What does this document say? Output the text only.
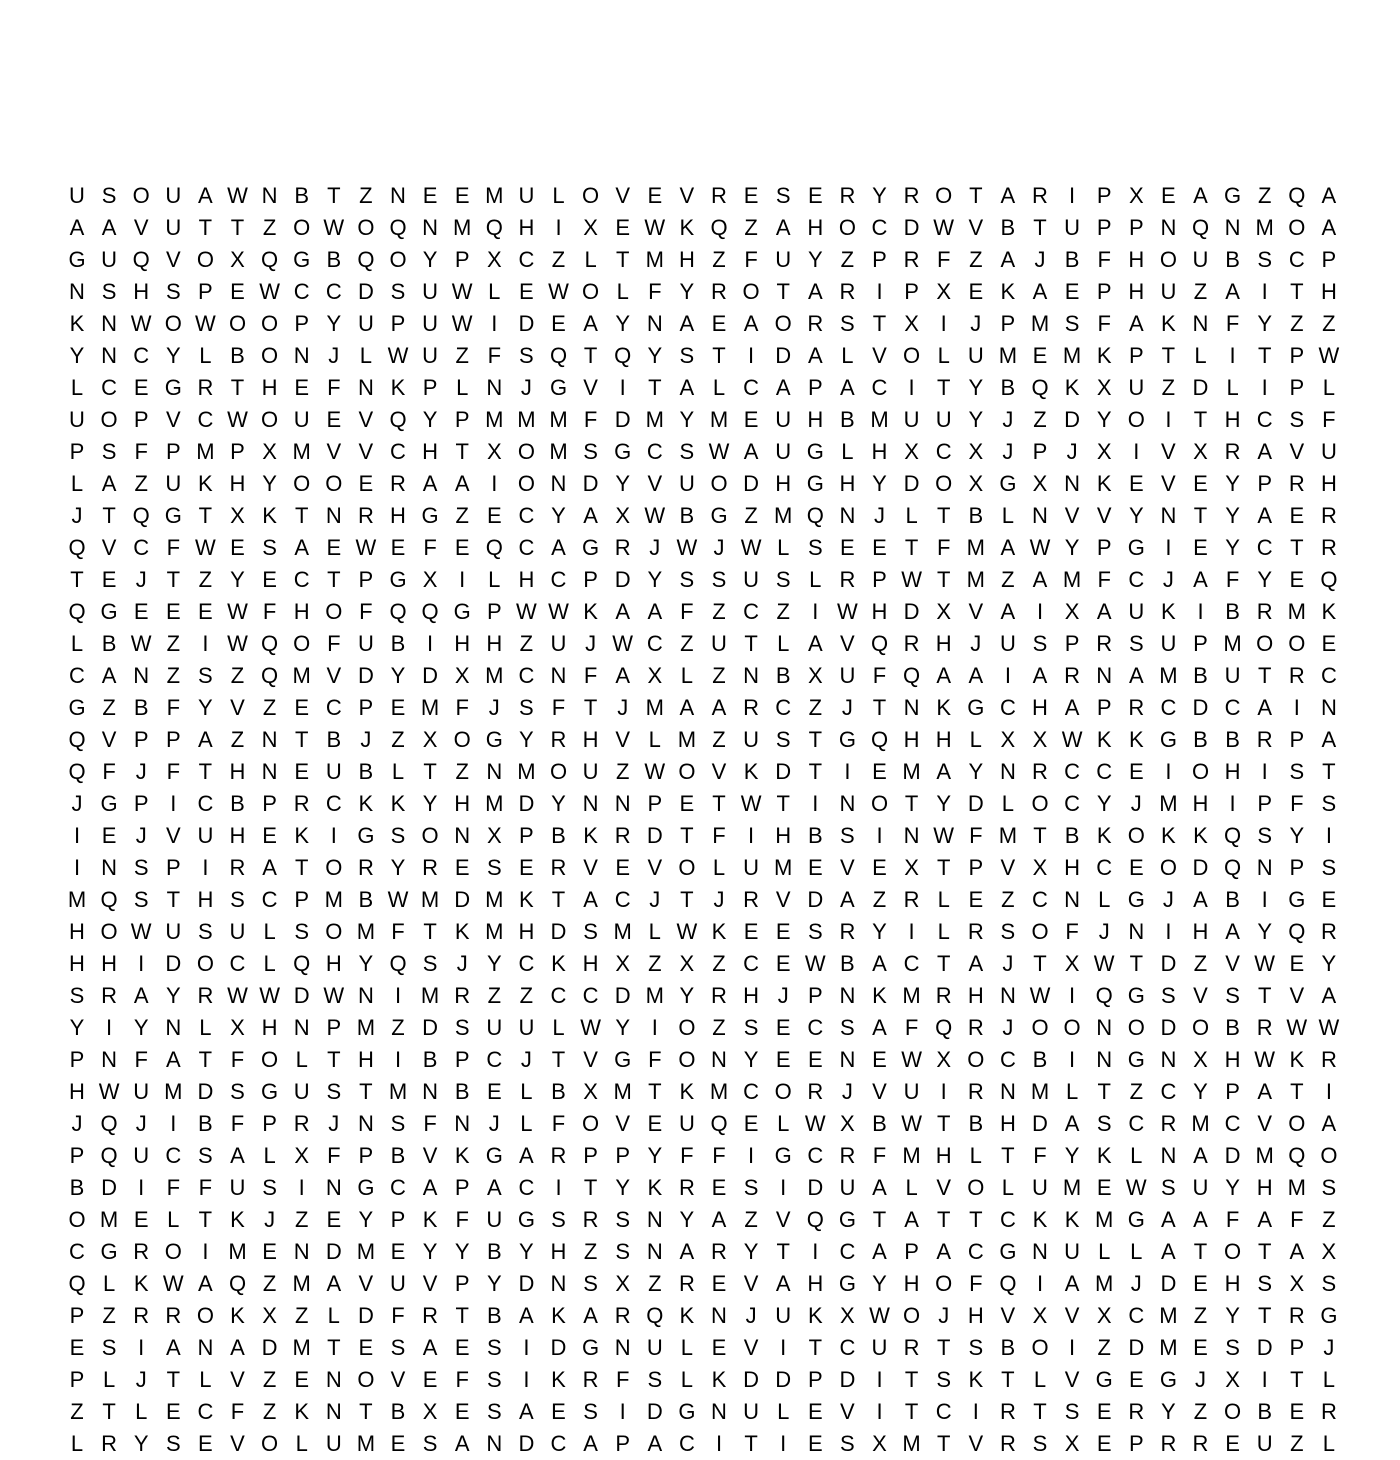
U S O U A W N B T Z N E E M U L O V E V R E S E R Y R O T A R I P X E A G Z Q A
A A V U T T Z O W O Q N M Q H I X E W K Q Z A H O C D W V B T U P P N Q N M O A
G U Q V O X Q G B Q O Y P X C Z L T M H Z F U Y Z P R F Z A J B F H O U B S C P
N S H S P E W C C D S U W L E W O L F Y R O T A R I P X E K A E P H U Z A I	T H
K N W O W O O P Y U P U W I D E A Y N A E A O R S T X I	J P M S F A K N F Y Z Z
Y N C Y L B O N J L W U Z F S Q T Q Y S T	I D A L V O L U M E M K P T L	I	T P W
L C E G R T H E F N K P L N J G V I	T A L C A P A C I	T Y B Q K X U Z D L	I P L
U O P V C W O U E V Q Y P M M M F D M Y M E U H B M U U Y J Z D Y O I	T H C S F
P S F P M P X M V V C H T X O M S G C S W A U G L H X C X J P J X I V X R A V U
L A Z U K H Y O O E R A A I O N D Y V U O D H G H Y D O X G X N K E V E Y P R H
J T Q G T X K T N R H G Z E C Y A X W B G Z M Q N J L T B L N V V Y N T Y A E R
Q V C F W E S A E W E F E Q C A G R J W J W L S E E T F M A W Y P G I E Y C T R
T E J T Z Y E C T P G X I	L H C P D Y S S U S L R P W T M Z A M F C J A F Y E Q
Q G E E E W F H O F Q Q G P W W K A A F Z C Z	I W H D X V A I X A U K I B R M K
L B W Z	I W Q O F U B I H H Z U J W C Z U T L A V Q R H J U S P R S U P M O O E
C A N Z S Z Q M V D Y D X M C N F A X L Z N B X U F Q A A I A R N A M B U T R C
G Z B F Y V Z E C P E M F J S F T J M A A R C Z J T N K G C H A P R C D C A I N
Q V P P A Z N T B J Z X O G Y R H V L M Z U S T G Q H H L X X W K K G B B R P A
Q F J F T H N E U B L T Z N M O U Z W O V K D T	I E M A Y N R C C E I O H I S T
J G P I C B P R C K K Y H M D Y N N P E T W T	I N O T Y D L O C Y J M H I P F S
I E J V U H E K I G S O N X P B K R D T F	I H B S I N W F M T B K O K K Q S Y I
I N S P I R A T O R Y R E S E R V E V O L U M E V E X T P V X H C E O D Q N P S
M Q S T H S C P M B W M D M K T A C J T J R V D A Z R L E Z C N L G J A B I G E
H O W U S U L S O M F T K M H D S M L W K E E S R Y I	L R S O F J N I H A Y Q R
H H I D O C L Q H Y Q S J Y C K H X Z X Z C E W B A C T A J T X W T D Z V W E Y
S R A Y R W W D W N I M R Z Z C C D M Y R H J P N K M R H N W I Q G S V S T V A
Y I Y N L X H N P M Z D S U U L W Y I O Z S E C S A F Q R J O O N O D O B R W W
P N F A T F O L T H I B P C J T V G F O N Y E E N E W X O C B I N G N X H W K R
H W U M D S G U S T M N B E L B X M T K M C O R J V U I R N M L T Z C Y P A T	I
J Q J	I B F P R J N S F N J L F O V E U Q E L W X B W T B H D A S C R M C V O A
P Q U C S A L X F P B V K G A R P P Y F F	I G C R F M H L T F Y K L N A D M Q O
B D I	F F U S I N G C A P A C I	T Y K R E S I D U A L V O L U M E W S U Y H M S
O M E L T K J Z E Y P K F U G S R S N Y A Z V Q G T A T T C K K M G A A F A F Z
C G R O I M E N D M E Y Y B Y H Z S N A R Y T	I C A P A C G N U L L A T O T A X
Q L K W A Q Z M A V U V P Y D N S X Z R E V A H G Y H O F Q I A M J D E H S X S
P Z R R O K X Z L D F R T B A K A R Q K N J U K X W O J H V X V X C M Z Y T R G
E S I A N A D M T E S A E S I D G N U L E V I	T C U R T S B O I	Z D M E S D P J
P L J T L V Z E N O V E F S I K R F S L K D D P D I	T S K T L V G E G J X I	T L
Z T L E C F Z K N T B X E S A E S I D G N U L E V I	T C I R T S E R Y Z O B E R
L R Y S E V O L U M E S A N D C A P A C I	T	I E S X M T V R S X E P R R E U Z L
